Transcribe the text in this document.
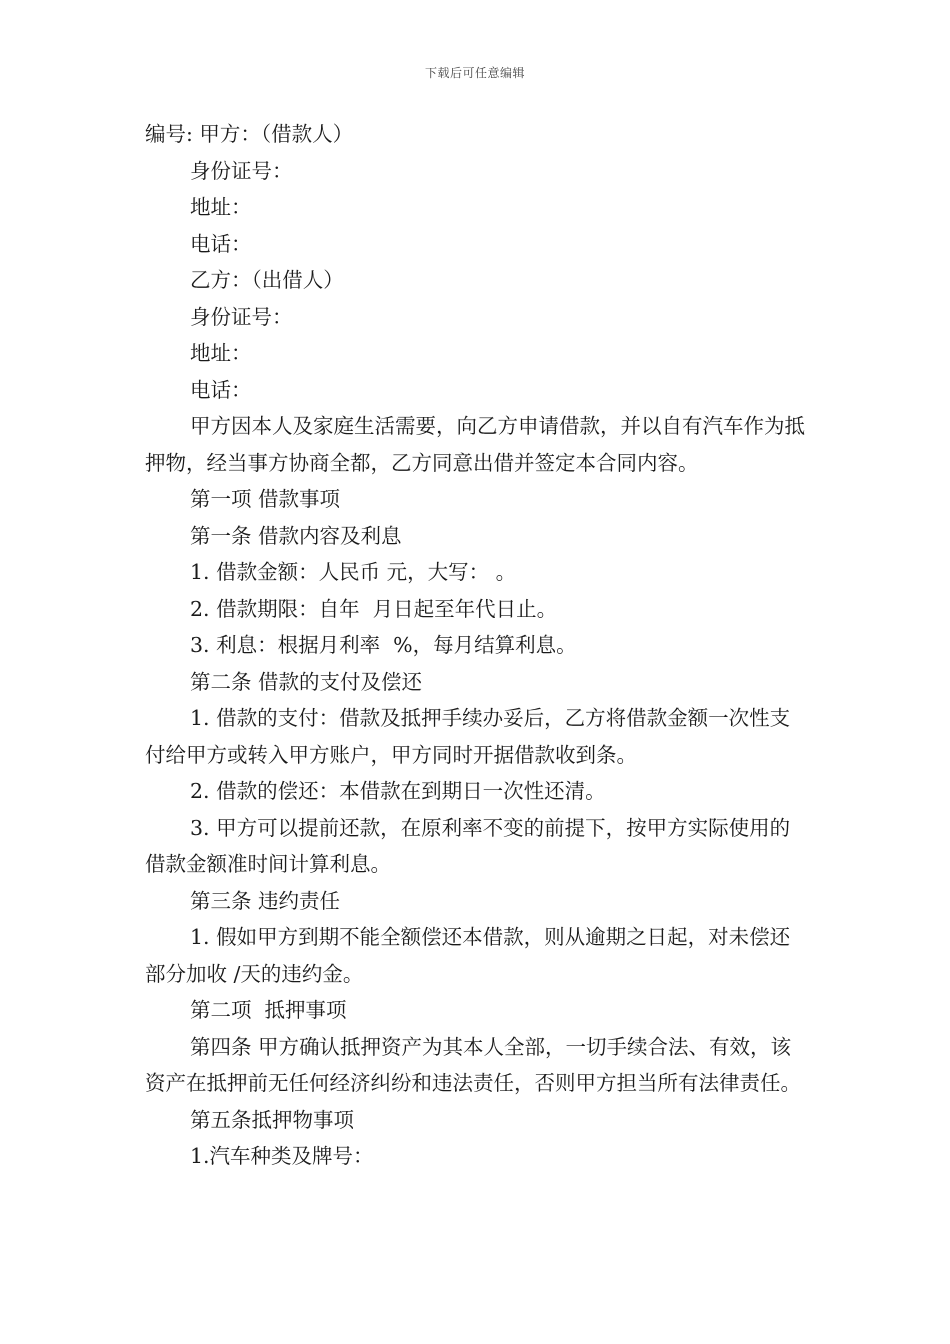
下载后可任意编辑

编号: 甲方：（借款人）

身份证号：

地址：

电话：

乙方：（出借人）

身份证号：

地址：

电话：

甲方因本人及家庭生活需要，向乙方申请借款，并以自有汽车作为抵押物，经当事方协商全都，乙方同意出借并签定本合同内容。

第一项 借款事项

第一条 借款内容及利息

1. 借款金额：人民币 元，大写： 。

2. 借款期限：自年  月日起至年代日止。

3. 利息：根据月利率  %，每月结算利息。

第二条 借款的支付及偿还

1. 借款的支付：借款及抵押手续办妥后，乙方将借款金额一次性支付给甲方或转入甲方账户，甲方同时开据借款收到条。

2. 借款的偿还：本借款在到期日一次性还清。

3. 甲方可以提前还款，在原利率不变的前提下，按甲方实际使用的借款金额准时间计算利息。

第三条 违约责任

1. 假如甲方到期不能全额偿还本借款，则从逾期之日起，对未偿还部分加收 /天的违约金。

第二项  抵押事项

第四条 甲方确认抵押资产为其本人全部，一切手续合法、有效，该资产在抵押前无任何经济纠纷和违法责任，否则甲方担当所有法律责任。

第五条抵押物事项

1.汽车种类及牌号：
